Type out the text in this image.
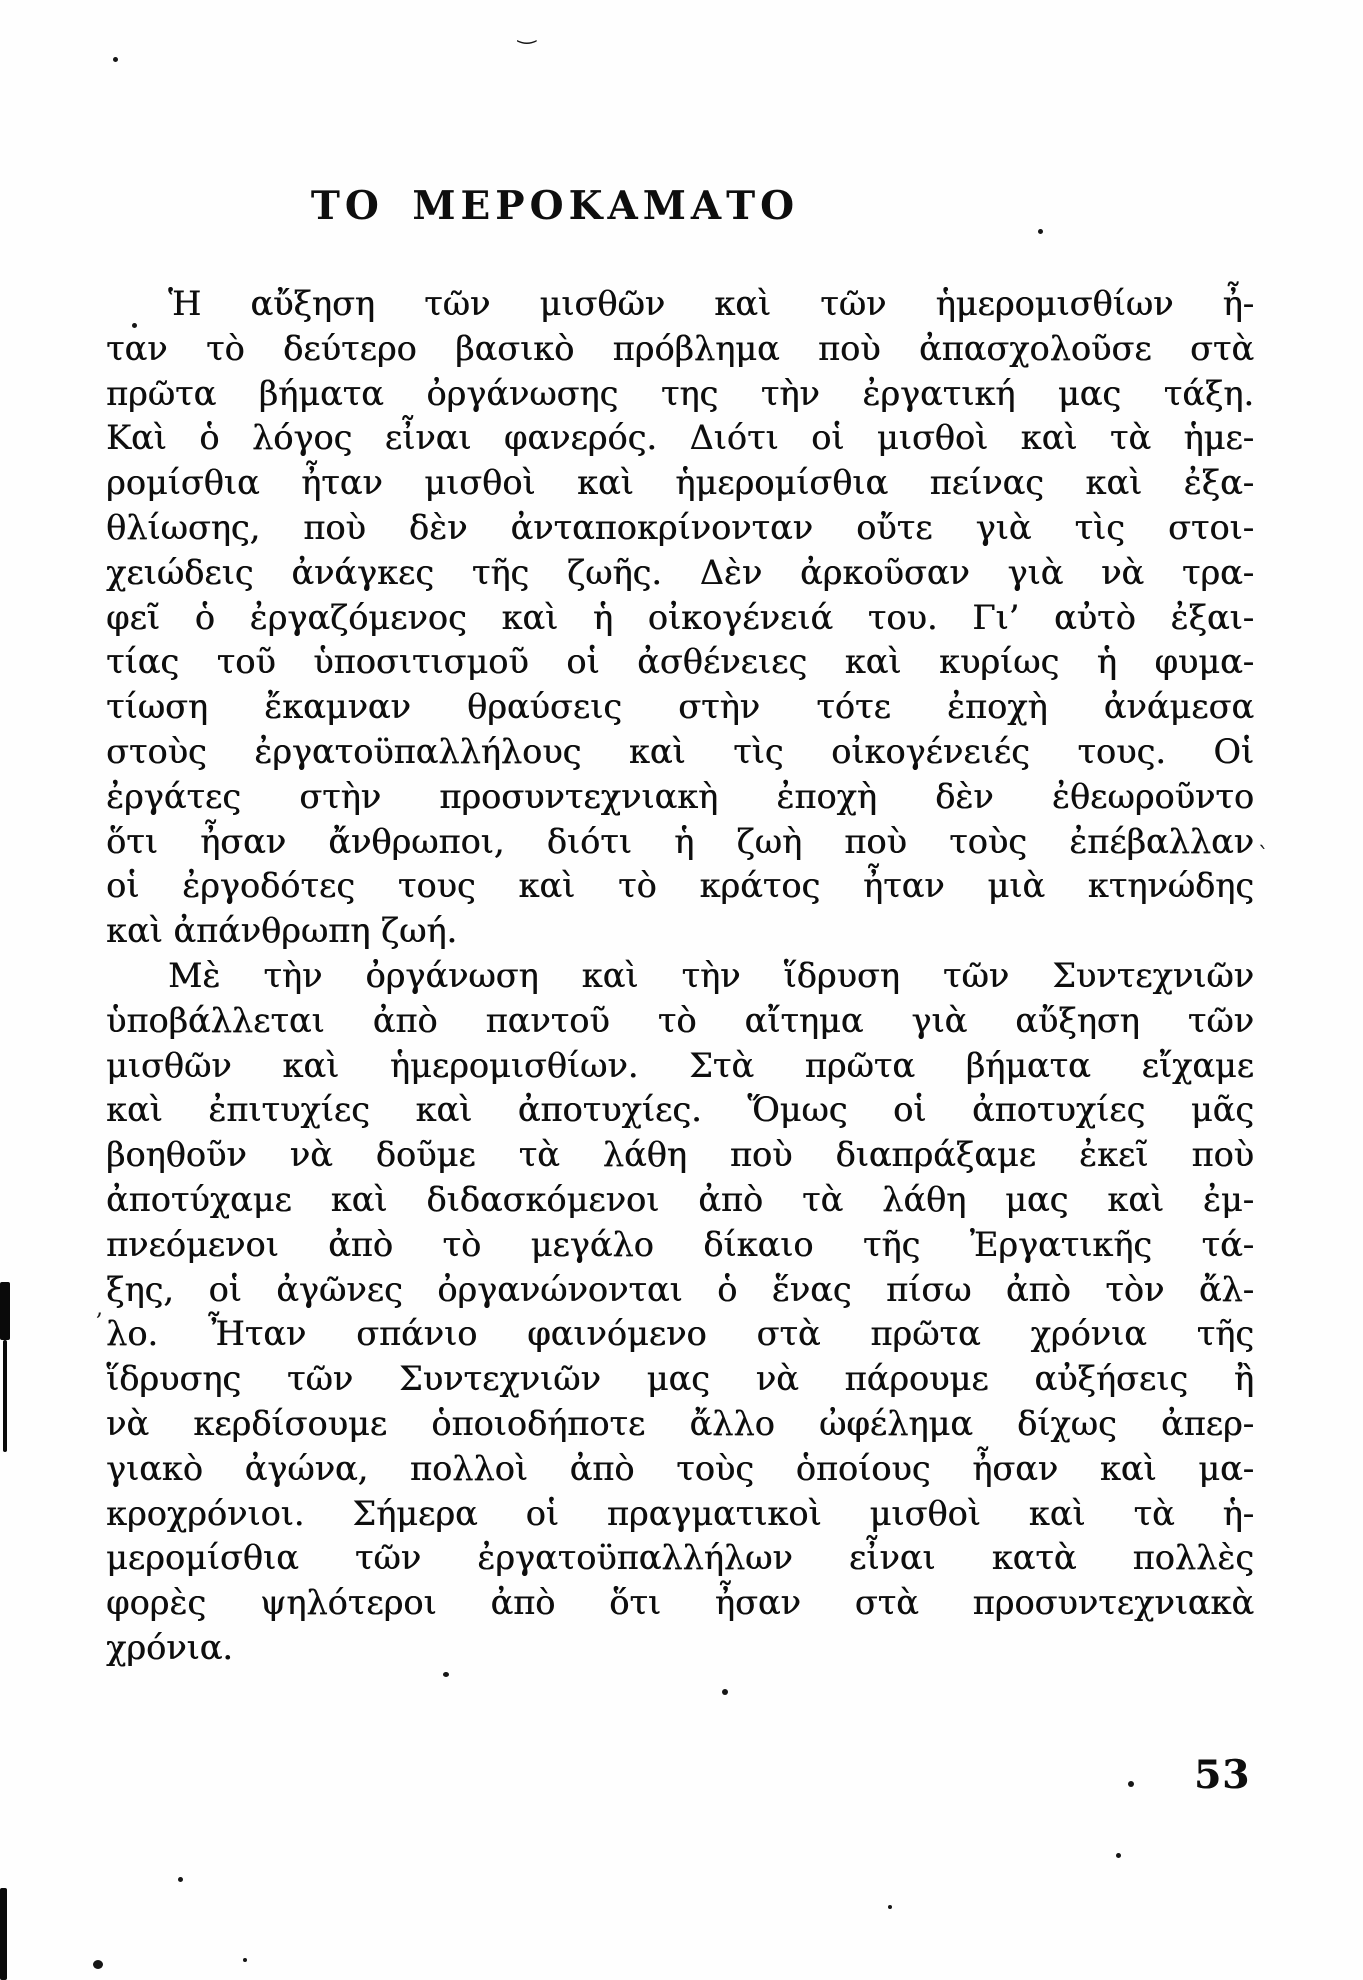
ΤΟ ΜΕΡΟΚΑΜΑΤΟ
Ἡ αὔξηση τῶν μισθῶν καὶ τῶν ἡμερομισθίων ἦ-
ταν τὸ δεύτερο βασικὸ πρόβλημα ποὺ ἀπασχολοῦσε στὰ
πρῶτα βήματα ὀργάνωσης της τὴν ἐργατική μας τάξη.
Καὶ ὁ λόγος εἶναι φανερός. Διότι οἱ μισθοὶ καὶ τὰ ἡμε-
ρομίσθια ἦταν μισθοὶ καὶ ἡμερομίσθια πείνας καὶ ἐξα-
θλίωσης, ποὺ δὲν ἀνταποκρίνονταν οὔτε γιὰ τὶς στοι-
χειώδεις ἀνάγκες τῆς ζωῆς. Δὲν ἀρκοῦσαν γιὰ νὰ τρα-
φεῖ ὁ ἐργαζόμενος καὶ ἡ οἰκογένειά του. Γι’ αὐτὸ ἐξαι-
τίας τοῦ ὑποσιτισμοῦ οἱ ἀσθένειες καὶ κυρίως ἡ φυμα-
τίωση ἔκαμναν θραύσεις στὴν τότε ἐποχὴ ἀνάμεσα
στοὺς ἐργατοϋπαλλήλους καὶ τὶς οἰκογένειές τους. Οἱ
ἐργάτες στὴν προσυντεχνιακὴ ἐποχὴ δὲν ἐθεωροῦντο
ὅτι ἦσαν ἄνθρωποι, διότι ἡ ζωὴ ποὺ τοὺς ἐπέβαλλαν
οἱ ἐργοδότες τους καὶ τὸ κράτος ἦταν μιὰ κτηνώδης
καὶ ἀπάνθρωπη ζωή.
Μὲ τὴν ὀργάνωση καὶ τὴν ἵδρυση τῶν Συντεχνιῶν
ὑποβάλλεται ἀπὸ παντοῦ τὸ αἴτημα γιὰ αὔξηση τῶν
μισθῶν καὶ ἡμερομισθίων. Στὰ πρῶτα βήματα εἴχαμε
καὶ ἐπιτυχίες καὶ ἀποτυχίες. Ὅμως οἱ ἀποτυχίες μᾶς
βοηθοῦν νὰ δοῦμε τὰ λάθη ποὺ διαπράξαμε ἐκεῖ ποὺ
ἀποτύχαμε καὶ διδασκόμενοι ἀπὸ τὰ λάθη μας καὶ ἐμ-
πνεόμενοι ἀπὸ τὸ μεγάλο δίκαιο τῆς Ἐργατικῆς τά-
ξης, οἱ ἀγῶνες ὀργανώνονται ὁ ἕνας πίσω ἀπὸ τὸν ἄλ-
λο. Ἦταν σπάνιο φαινόμενο στὰ πρῶτα χρόνια τῆς
ἵδρυσης τῶν Συντεχνιῶν μας νὰ πάρουμε αὐξήσεις ἢ
νὰ κερδίσουμε ὁποιοδήποτε ἄλλο ὠφέλημα δίχως ἀπερ-
γιακὸ ἀγώνα, πολλοὶ ἀπὸ τοὺς ὁποίους ἦσαν καὶ μα-
κροχρόνιοι. Σήμερα οἱ πραγματικοὶ μισθοὶ καὶ τὰ ἡ-
μερομίσθια τῶν ἐργατοϋπαλλήλων εἶναι κατὰ πολλὲς
φορὲς ψηλότεροι ἀπὸ ὅτι ἦσαν στὰ προσυντεχνιακὰ
χρόνια.
53
‿
ˋ
,
